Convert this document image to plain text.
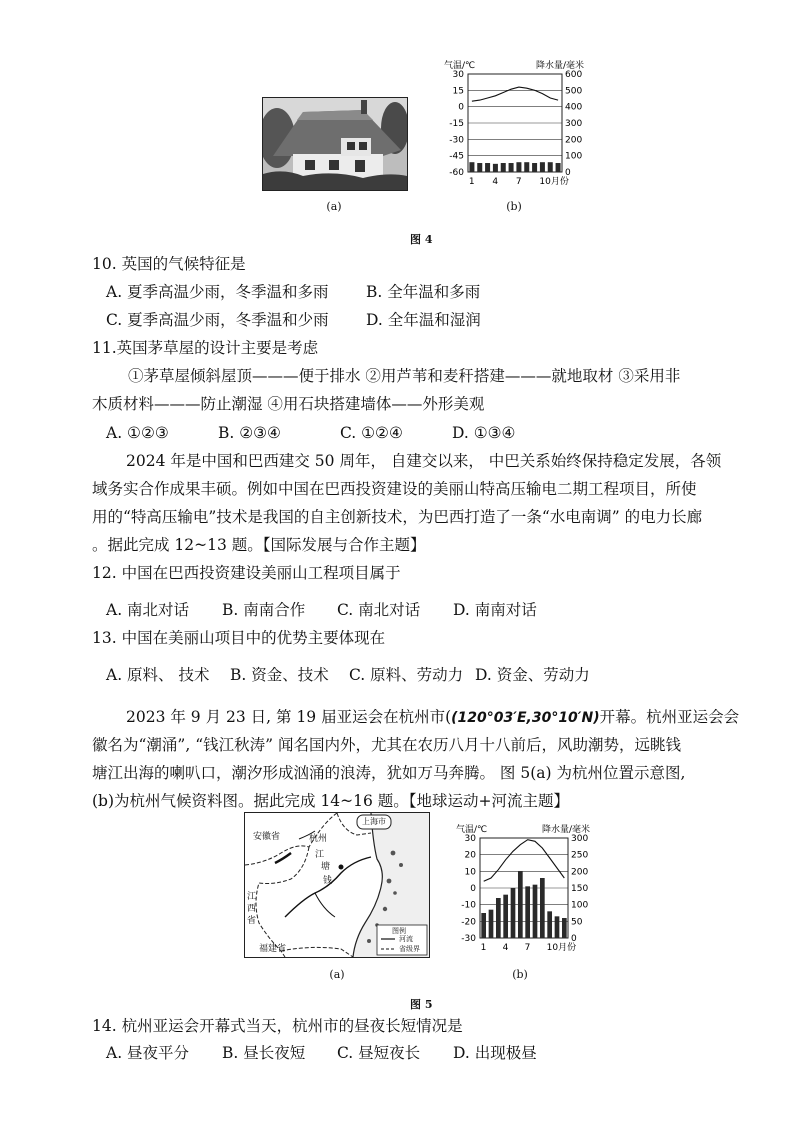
(a)
气温/℃	降水量/毫米
30	600
15	500
0	400
-15	300
-30	200
-45	100
-60	0
1 4 7 10月份
(b)
图 4
10. 英国的气候特征是
A. 夏季高温少雨，冬季温和多雨 B. 全年温和多雨
C. 夏季高温少雨，冬季温和少雨 D. 全年温和湿润
11.英国茅草屋的设计主要是考虑
①茅草屋倾斜屋顶———便于排水 ②用芦苇和麦秆搭建———就地取材 ③采用非
木质材料———防止潮湿 ④用石块搭建墙体——外形美观
A. ①②③	B. ②③④	C. ①②④	D. ①③④
2024 年是中国和巴西建交 50 周年， 自建交以来， 中巴关系始终保持稳定发展，各领
域务实合作成果丰硕。例如中国在巴西投资建设的美丽山特高压输电二期工程项目，所使
用的“特高压输电”技术是我国的自主创新技术，为巴西打造了一条“水电南调” 的电力长廊
。据此完成 12~13 题。【国际发展与合作主题】
12. 中国在巴西投资建设美丽山工程项目属于
A. 南北对话 B. 南南合作 C. 南北对话 D. 南南对话
13. 中国在美丽山项目中的优势主要体现在
A. 原料、 技术 B. 资金、技术 C. 原料、劳动力 D. 资金、劳动力
2023 年 9 月 23 日, 第 19 届亚运会在杭州市((120°03′E,30°10′N)开幕。杭州亚运会会
徽名为“潮涌”, “钱江秋涛” 闻名国内外，尤其在农历八月十八前后，风助潮势，远眺钱
塘江出海的喇叭口，潮汐形成汹涌的浪涛，犹如万马奔腾。 图 5(a) 为杭州位置示意图,
(b)为杭州气候资料图。据此完成 14~16 题。【地球运动+河流主题】
上海市
安徽省	杭州
江
塘
钱
江
西
省
福建省
图例
河流
省级界
(a)
气温/℃	降水量/毫米
30	300
20	250
10	200
0	150
-10	100
-20	50
-30	0
1 4 7 10月份
(b)
图 5
14. 杭州亚运会开幕式当天，杭州市的昼夜长短情况是
A. 昼夜平分 B. 昼长夜短 C. 昼短夜长 D. 出现极昼
